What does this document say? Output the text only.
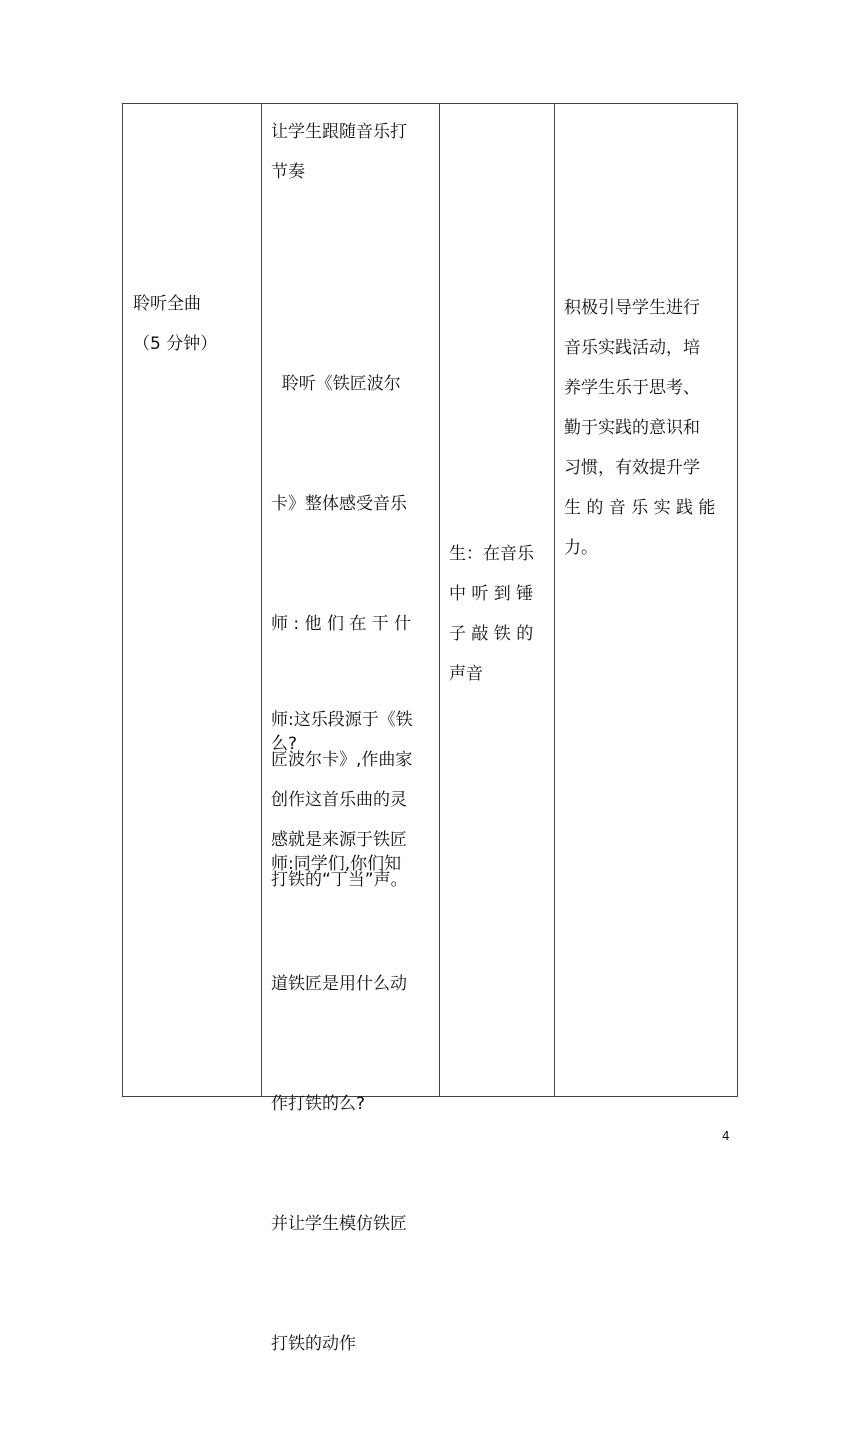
聆听全曲
（5 分钟）
让学生跟随音乐打
节奏

聆听《铁匠波尔

卡》整体感受音乐

师 : 他 们 在 干 什

么?

师:同学们,你们知

道铁匠是用什么动

作打铁的么?

并让学生模仿铁匠

打铁的动作

师:这乐段源于《铁
匠波尔卡》,作曲家
创作这首乐曲的灵
感就是来源于铁匠
打铁的“丁当”声。
生：在音乐
中 听 到 锤
子 敲 铁 的
声音
积极引导学生进行
音乐实践活动，培
养学生乐于思考、
勤于实践的意识和
习惯，有效提升学
生 的 音 乐 实 践 能
力。
4
